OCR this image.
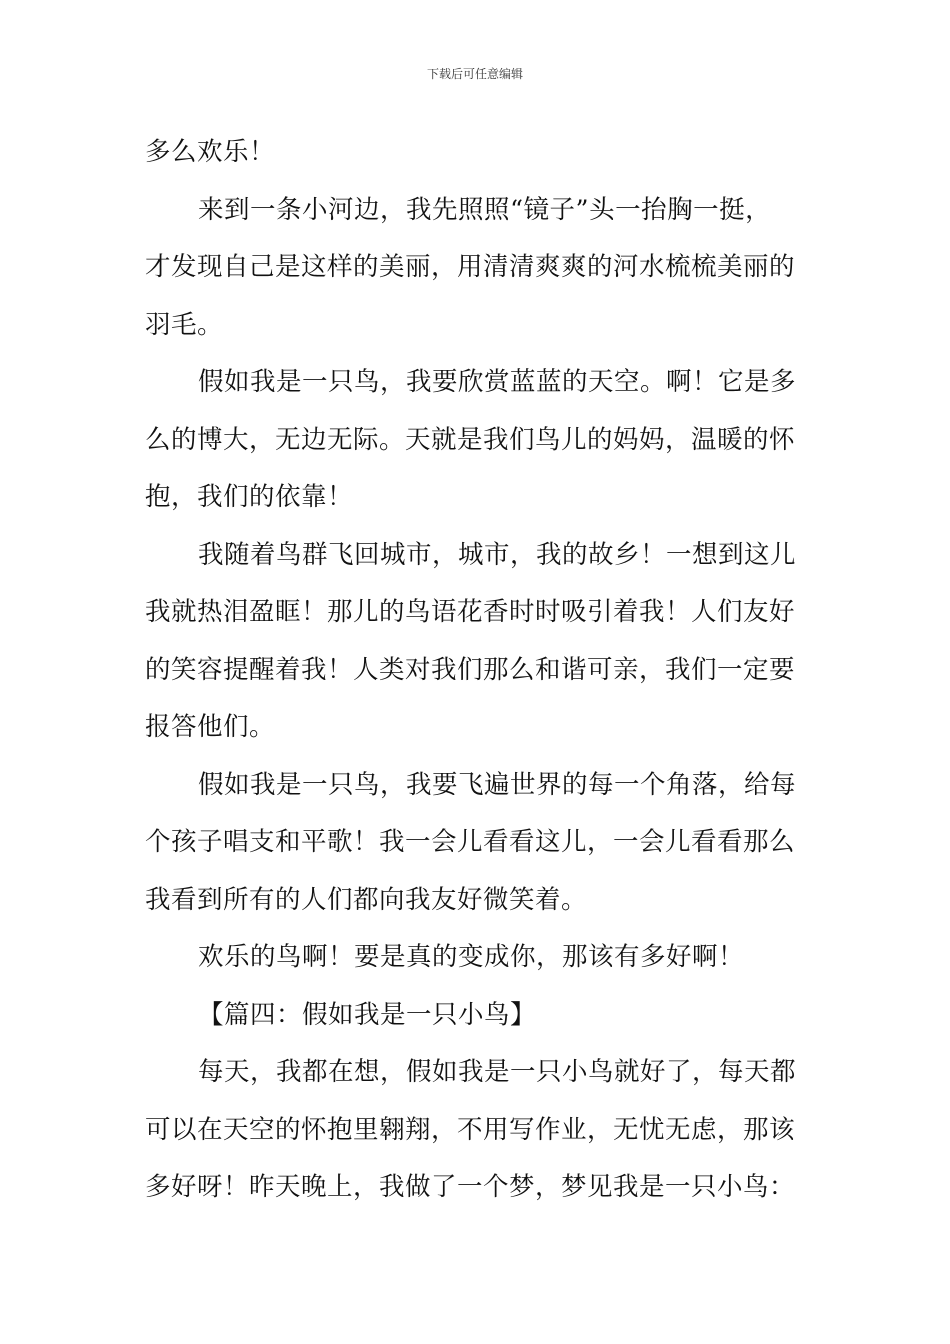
下载后可任意编辑
多么欢乐！
来到一条小河边，我先照照“镜子”头一抬胸一挺，
才发现自己是这样的美丽，用清清爽爽的河水梳梳美丽的
羽毛。
假如我是一只鸟，我要欣赏蓝蓝的天空。啊！它是多
么的博大，无边无际。天就是我们鸟儿的妈妈，温暖的怀
抱，我们的依靠！
我随着鸟群飞回城市，城市，我的故乡！一想到这儿
我就热泪盈眶！那儿的鸟语花香时时吸引着我！人们友好
的笑容提醒着我！人类对我们那么和谐可亲，我们一定要
报答他们。
假如我是一只鸟，我要飞遍世界的每一个角落，给每
个孩子唱支和平歌！我一会儿看看这儿，一会儿看看那么
我看到所有的人们都向我友好微笑着。
欢乐的鸟啊！要是真的变成你，那该有多好啊！
【篇四：假如我是一只小鸟】
每天，我都在想，假如我是一只小鸟就好了，每天都
可以在天空的怀抱里翱翔，不用写作业，无忧无虑，那该
多好呀！昨天晚上，我做了一个梦，梦见我是一只小鸟：
